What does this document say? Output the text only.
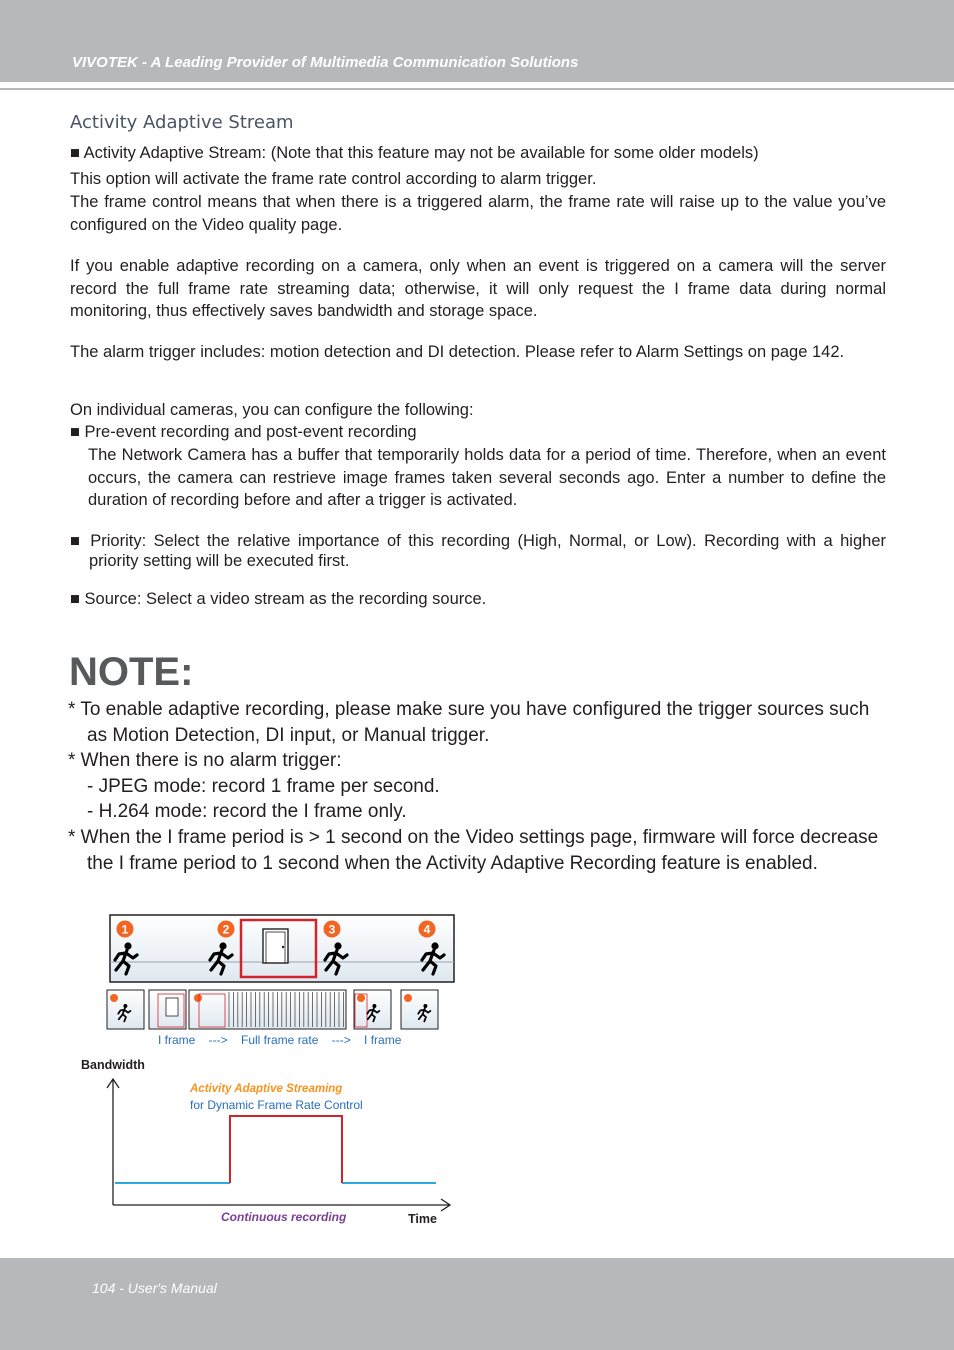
VIVOTEK - A Leading Provider of Multimedia Communication Solutions
Activity Adaptive Stream
■ Activity Adaptive Stream: (Note that this feature may not be available for some older models)
This option will activate the frame rate control according to alarm trigger.
The frame control means that when there is a triggered alarm, the frame rate will raise up to the value you’ve configured on the Video quality page.
If you enable adaptive recording on a camera, only when an event is triggered on a camera will the server record the full frame rate streaming data; otherwise, it will only request the I frame data during normal monitoring, thus effectively saves bandwidth and storage space.
The alarm trigger includes: motion detection and DI detection. Please refer to Alarm Settings on page 142.
On individual cameras, you can configure the following:
■ Pre-event recording and post-event recording
The Network Camera has a buffer that temporarily holds data for a period of time. Therefore, when an event occurs, the camera can restrieve image frames taken several seconds ago. Enter a number to define the duration of recording before and after a trigger is activated.
■ Priority: Select the relative importance of this recording (High, Normal, or Low). Recording with a higher priority setting will be executed first.
■ Source: Select a video stream as the recording source.
NOTE:
* To enable adaptive recording, please make sure you have configured the trigger sources such
as Motion Detection, DI input, or Manual trigger.
* When there is no alarm trigger:
- JPEG mode: record 1 frame per second.
- H.264 mode: record the I frame only.
* When the I frame period is > 1 second on the Video settings page, firmware will force decrease
the I frame period to 1 second when the Activity Adaptive Recording feature is enabled.
1	2	3	4
I frame    --->    Full frame rate    --->    I frame
Bandwidth
Time
Activity Adaptive Streaming
for Dynamic Frame Rate Control
Continuous recording
104 - User's Manual
